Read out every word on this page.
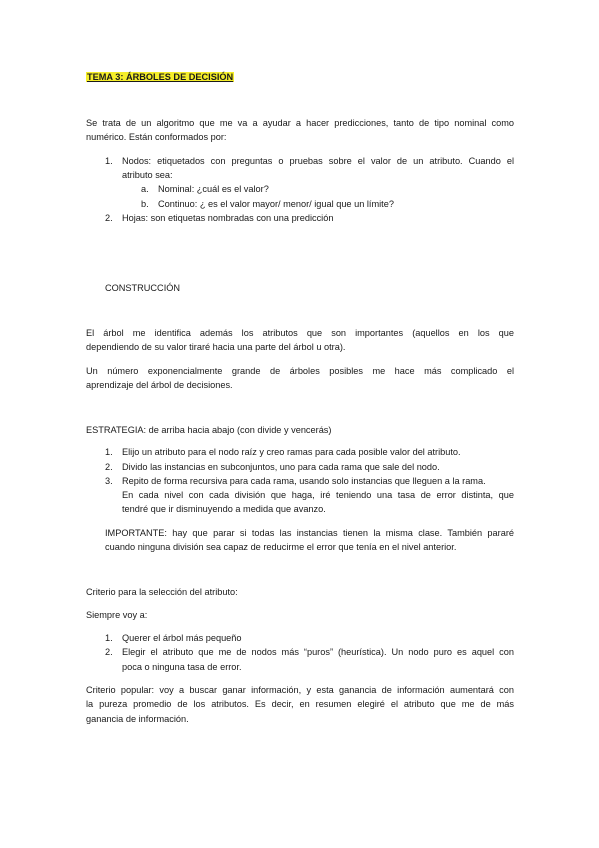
TEMA 3: ÁRBOLES DE DECISIÓN
Se trata de un algoritmo que me va a ayudar a hacer predicciones, tanto de tipo nominal como
numérico. Están conformados por:
1. Nodos: etiquetados con preguntas o pruebas sobre el valor de un atributo. Cuando el
atributo sea:
a. Nominal: ¿cuál es el valor?
b. Continuo: ¿ es el valor mayor/ menor/ igual que un límite?
2. Hojas: son etiquetas nombradas con una predicción
CONSTRUCCIÓN
El árbol me identifica además los atributos que son importantes (aquellos en los que
dependiendo de su valor tiraré hacia una parte del árbol u otra).
Un número exponencialmente grande de árboles posibles me hace más complicado el
aprendizaje del árbol de decisiones.
ESTRATEGIA: de arriba hacia abajo (con divide y vencerás)
1. Elijo un atributo para el nodo raíz y creo ramas para cada posible valor del atributo.
2. Divido las instancias en subconjuntos, uno para cada rama que sale del nodo.
3. Repito de forma recursiva para cada rama, usando solo instancias que lleguen a la rama.
En cada nivel con cada división que haga, iré teniendo una tasa de error distinta, que
tendré que ir disminuyendo a medida que avanzo.
IMPORTANTE: hay que parar si todas las instancias tienen la misma clase. También pararé
cuando ninguna división sea capaz de reducirme el error que tenía en el nivel anterior.
Criterio para la selección del atributo:
Siempre voy a:
1. Querer el árbol más pequeño
2. Elegir el atributo que me de nodos más “puros” (heurística). Un nodo puro es aquel con
poca o ninguna tasa de error.
Criterio popular: voy a buscar ganar información, y esta ganancia de información aumentará con
la pureza promedio de los atributos. Es decir, en resumen elegiré el atributo que me de más
ganancia de información.
